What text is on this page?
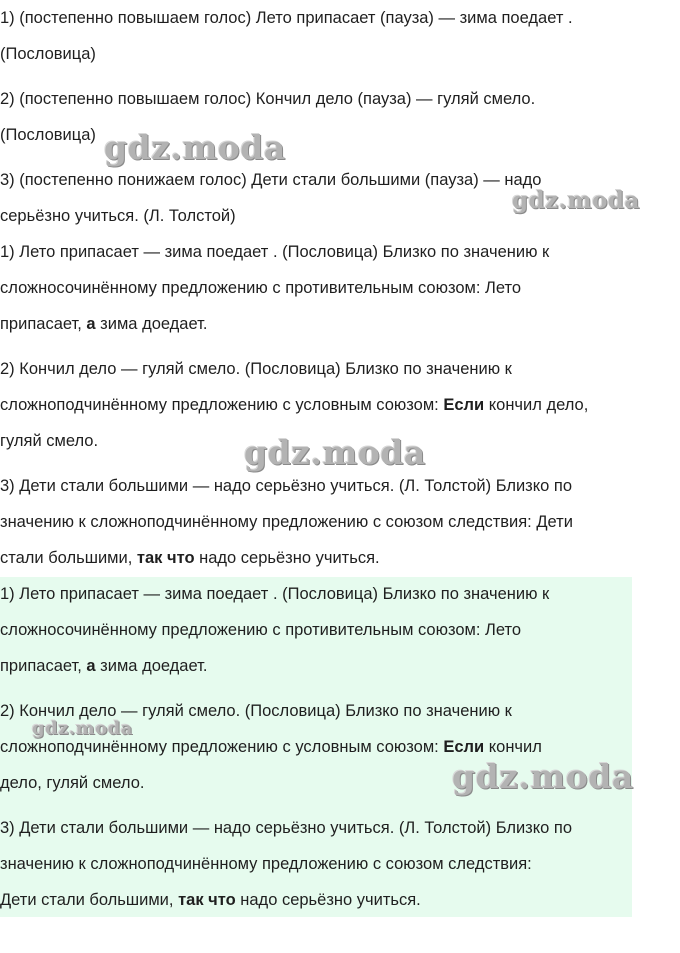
1) (постепенно повышаем голос) Лето припасает (пауза) — зима поедает .

(Пословица)

2) (постепенно повышаем голос) Кончил дело (пауза) — гуляй смело.

(Пословица)

3) (постепенно понижаем голос) Дети стали большими (пауза) — надо

серьёзно учиться. (Л. Толстой)

1) Лето припасает — зима поедает . (Пословица) Близко по значению к

сложносочинённому предложению с противительным союзом: Лето

припасает, а зима доедает.

2) Кончил дело — гуляй смело. (Пословица) Близко по значению к

сложноподчинённому предложению с условным союзом: Если кончил дело,

гуляй смело.

3) Дети стали большими — надо серьёзно учиться. (Л. Толстой) Близко по

значению к сложноподчинённому предложению с союзом следствия: Дети

стали большими, так что надо серьёзно учиться.

1) Лето припасает — зима поедает . (Пословица) Близко по значению к

сложносочинённому предложению с противительным союзом: Лето

припасает, а зима доедает.

2) Кончил дело — гуляй смело. (Пословица) Близко по значению к

сложноподчинённому предложению с условным союзом: Если кончил

дело, гуляй смело.

3) Дети стали большими — надо серьёзно учиться. (Л. Толстой) Близко по

значению к сложноподчинённому предложению с союзом следствия:

Дети стали большими, так что надо серьёзно учиться.

gdz.moda
gdz.moda
gdz.moda
gdz.moda
gdz.moda
